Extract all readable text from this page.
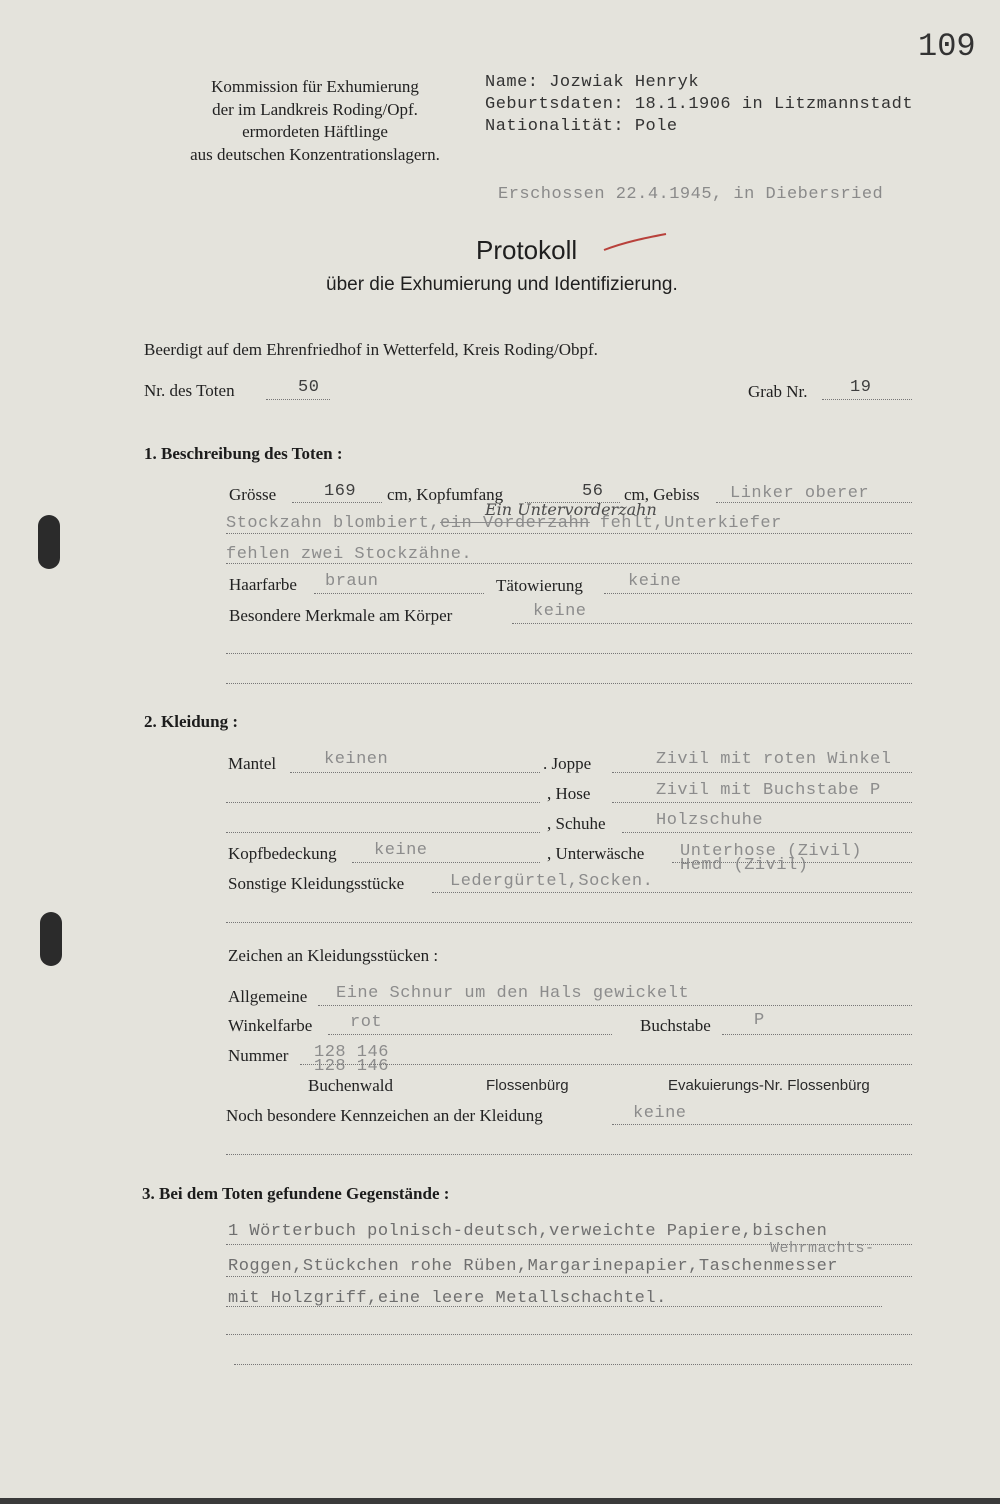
109
Kommission für Exhumierung
der im Landkreis Roding/Opf.
ermordeten Häftlinge
aus deutschen Konzentrationslagern.
Name: Jozwiak Henryk
Geburtsdaten: 18.1.1906 in Litzmannstadt
Nationalität: Pole
Erschossen 22.4.1945, in Diebersried
Protokoll
über die Exhumierung und Identifizierung.
Beerdigt auf dem Ehrenfriedhof in Wetterfeld, Kreis Roding/Obpf.
Nr. des Toten	50	Grab Nr.	19
1. Beschreibung des Toten :
Grösse	169 cm, Kopfumfang	56 cm, Gebiss Linker oberer
Ein Untervorderzahn
Stockzahn blombiert,ein Vorderzahn fehlt,Unterkiefer
fehlen zwei Stockzähne.
Haarfarbe braun	Tätowierung	keine
Besondere Merkmale am Körper	keine
2. Kleidung :
Mantel	keinen	. Joppe	Zivil mit roten Winkel
, Hose	Zivil mit Buchstabe P
, Schuhe	Holzschuhe
Kopfbedeckung keine	, Unterwäsche Unterhose (Zivil)
Hemd (Zivil)
Sonstige Kleidungsstücke	Ledergürtel,Socken.
Zeichen an Kleidungsstücken :
Allgemeine Eine Schnur um den Hals gewickelt
Winkelfarbe rot	Buchstabe	P
Nummer 128 146
128 146
Buchenwald	Flossenbürg	Evakuierungs-Nr. Flossenbürg
Noch besondere Kennzeichen an der Kleidung	keine
3. Bei dem Toten gefundene Gegenstände :
1 Wörterbuch polnisch-deutsch,verweichte Papiere,bischen
Wehrmachts-
Roggen,Stückchen rohe Rüben,Margarinepapier,Taschenmesser
mit Holzgriff,eine leere Metallschachtel.
